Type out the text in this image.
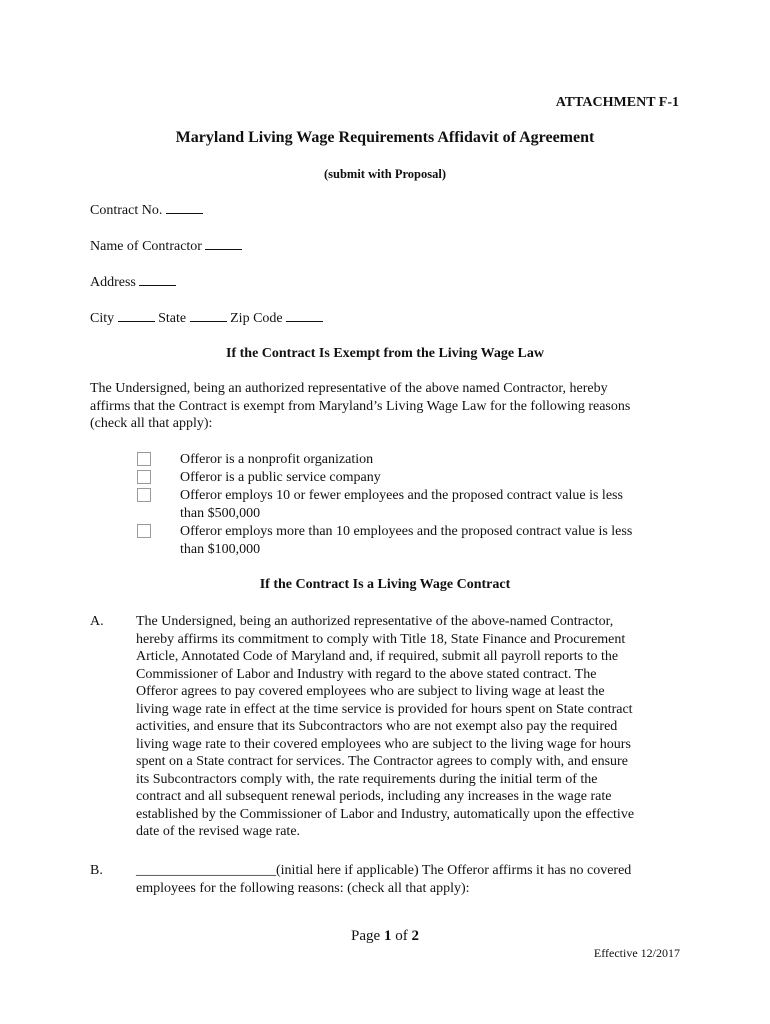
ATTACHMENT F-1
Maryland Living Wage Requirements Affidavit of Agreement
(submit with Proposal)
Contract No.
Name of Contractor
Address
City	State	Zip Code
If the Contract Is Exempt from the Living Wage Law
The Undersigned, being an authorized representative of the above named Contractor, hereby
affirms that the Contract is exempt from Maryland’s Living Wage Law for the following reasons
(check all that apply):
Offeror is a nonprofit organization
Offeror is a public service company
Offeror employs 10 or fewer employees and the proposed contract value is less
than $500,000
Offeror employs more than 10 employees and the proposed contract value is less
than $100,000
If the Contract Is a Living Wage Contract
A. The Undersigned, being an authorized representative of the above-named Contractor,
hereby affirms its commitment to comply with Title 18, State Finance and Procurement
Article, Annotated Code of Maryland and, if required, submit all payroll reports to the
Commissioner of Labor and Industry with regard to the above stated contract. The
Offeror agrees to pay covered employees who are subject to living wage at least the
living wage rate in effect at the time service is provided for hours spent on State contract
activities, and ensure that its Subcontractors who are not exempt also pay the required
living wage rate to their covered employees who are subject to the living wage for hours
spent on a State contract for services. The Contractor agrees to comply with, and ensure
its Subcontractors comply with, the rate requirements during the initial term of the
contract and all subsequent renewal periods, including any increases in the wage rate
established by the Commissioner of Labor and Industry, automatically upon the effective
date of the revised wage rate.
B. ____________________(initial here if applicable) The Offeror affirms it has no covered
employees for the following reasons: (check all that apply):
Page 1 of 2
Effective 12/2017
